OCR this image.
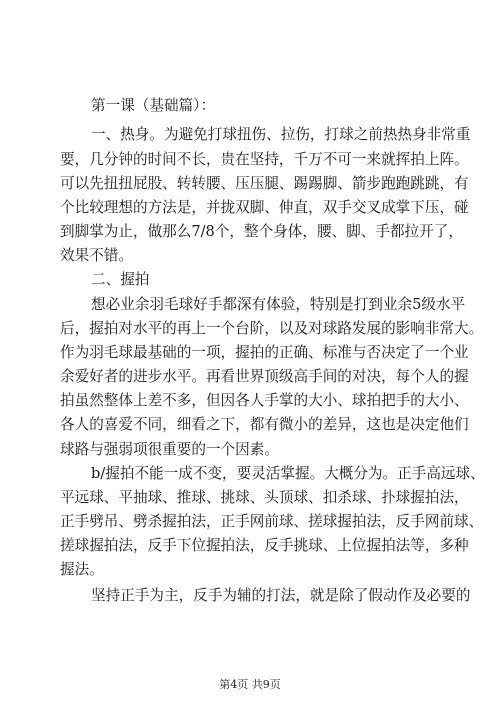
第一课（基础篇）：
一、热身。为避免打球扭伤、拉伤，打球之前热热身非常重
要，几分钟的时间不长，贵在坚持，千万不可一来就挥拍上阵。
可以先扭扭屁股、转转腰、压压腿、踢踢脚、箭步跑跑跳跳，有
个比较理想的方法是，并拢双脚、伸直，双手交叉成掌下压，碰
到脚掌为止，做那么7/8个，整个身体，腰、脚、手都拉开了，
效果不错。
二、握拍
想必业余羽毛球好手都深有体验，特别是打到业余5级水平
后，握拍对水平的再上一个台阶，以及对球路发展的影响非常大。
作为羽毛球最基础的一项，握拍的正确、标准与否决定了一个业
余爱好者的进步水平。再看世界顶级高手间的对决，每个人的握
拍虽然整体上差不多，但因各人手掌的大小、球拍把手的大小、
各人的喜爱不同，细看之下，都有微小的差异，这也是决定他们
球路与强弱项很重要的一个因素。
b/握拍不能一成不变，要灵活掌握。大概分为。正手高远球、
平远球、平抽球、推球、挑球、头顶球、扣杀球、扑球握拍法，
正手劈吊、劈杀握拍法，正手网前球、搓球握拍法，反手网前球、
搓球握拍法，反手下位握拍法，反手挑球、上位握拍法等，多种
握法。
坚持正手为主，反手为辅的打法，就是除了假动作及必要的
第4页 共9页
